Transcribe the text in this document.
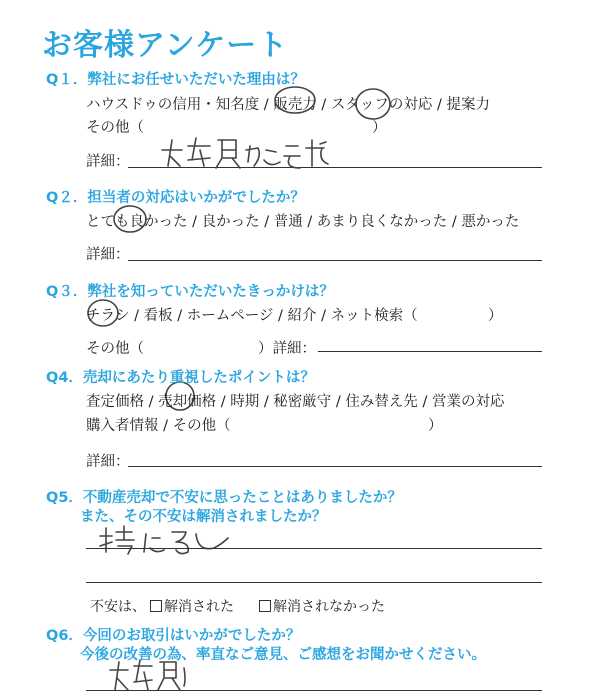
お客様アンケート
Q１．弊社にお任せいただいた理由は？
ハウスドゥの信用・知名度 / 販売力 / スタッフの対応 / 提案力
その他（	）
詳細：
Q２．担当者の対応はいかがでしたか？
とても良かった / 良かった / 普通 / あまり良くなかった / 悪かった
詳細：
Q３．弊社を知っていただいたきっかけは？
チラシ / 看板 / ホームページ / 紹介 / ネット検索（	）
その他（	）詳細：
Q4．売却にあたり重視したポイントは？
査定価格 / 売却価格 / 時期 / 秘密厳守 / 住み替え先 / 営業の対応
購入者情報 / その他（	）
詳細：
Q5．不動産売却で不安に思ったことはありましたか？
また、その不安は解消されましたか？
不安は、	解消された	解消されなかった
Q6．今回のお取引はいかがでしたか？
今後の改善の為、率直なご意見、ご感想をお聞かせください。
